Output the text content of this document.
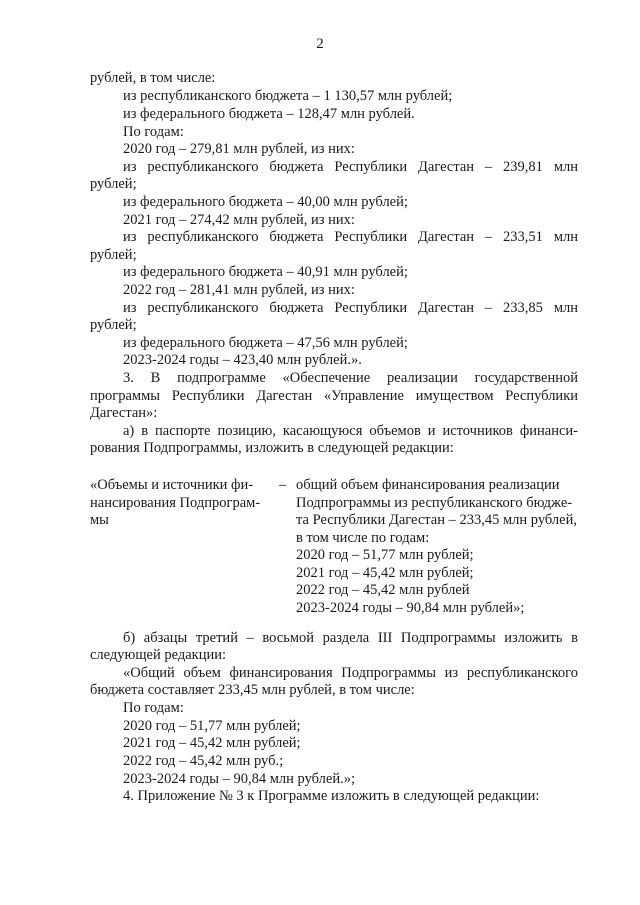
2
рублей, в том числе:
из республиканского бюджета – 1 130,57 млн рублей;
из федерального бюджета – 128,47 млн рублей.
По годам:
2020 год – 279,81 млн рублей, из них:
из республиканского бюджета Республики Дагестан – 239,81 млн
рублей;
из федерального бюджета – 40,00 млн рублей;
2021 год – 274,42 млн рублей, из них:
из республиканского бюджета Республики Дагестан – 233,51 млн
рублей;
из федерального бюджета – 40,91 млн рублей;
2022 год – 281,41 млн рублей, из них:
из республиканского бюджета Республики Дагестан – 233,85 млн
рублей;
из федерального бюджета – 47,56 млн рублей;
2023-2024 годы – 423,40 млн рублей.».
3. В подпрограмме «Обеспечение реализации государственной
программы Республики Дагестан «Управление имуществом Республики
Дагестан»:
а) в паспорте позицию, касающуюся объемов и источников финанси-
рования Подпрограммы, изложить в следующей редакции:
«Объемы и источники фи-
нансирования Подпрограм-
мы
– общий объем финансирования реализации
Подпрограммы из республиканского бюдже-
та Республики Дагестан – 233,45 млн рублей,
в том числе по годам:
2020 год – 51,77 млн рублей;
2021 год – 45,42 млн рублей;
2022 год – 45,42 млн рублей
2023-2024 годы – 90,84 млн рублей»;
б) абзацы третий – восьмой раздела III Подпрограммы изложить в
следующей редакции:
«Общий объем финансирования Подпрограммы из республиканского
бюджета составляет 233,45 млн рублей, в том числе:
По годам:
2020 год – 51,77 млн рублей;
2021 год – 45,42 млн рублей;
2022 год – 45,42 млн руб.;
2023-2024 годы – 90,84 млн рублей.»;
4. Приложение № 3 к Программе изложить в следующей редакции:
